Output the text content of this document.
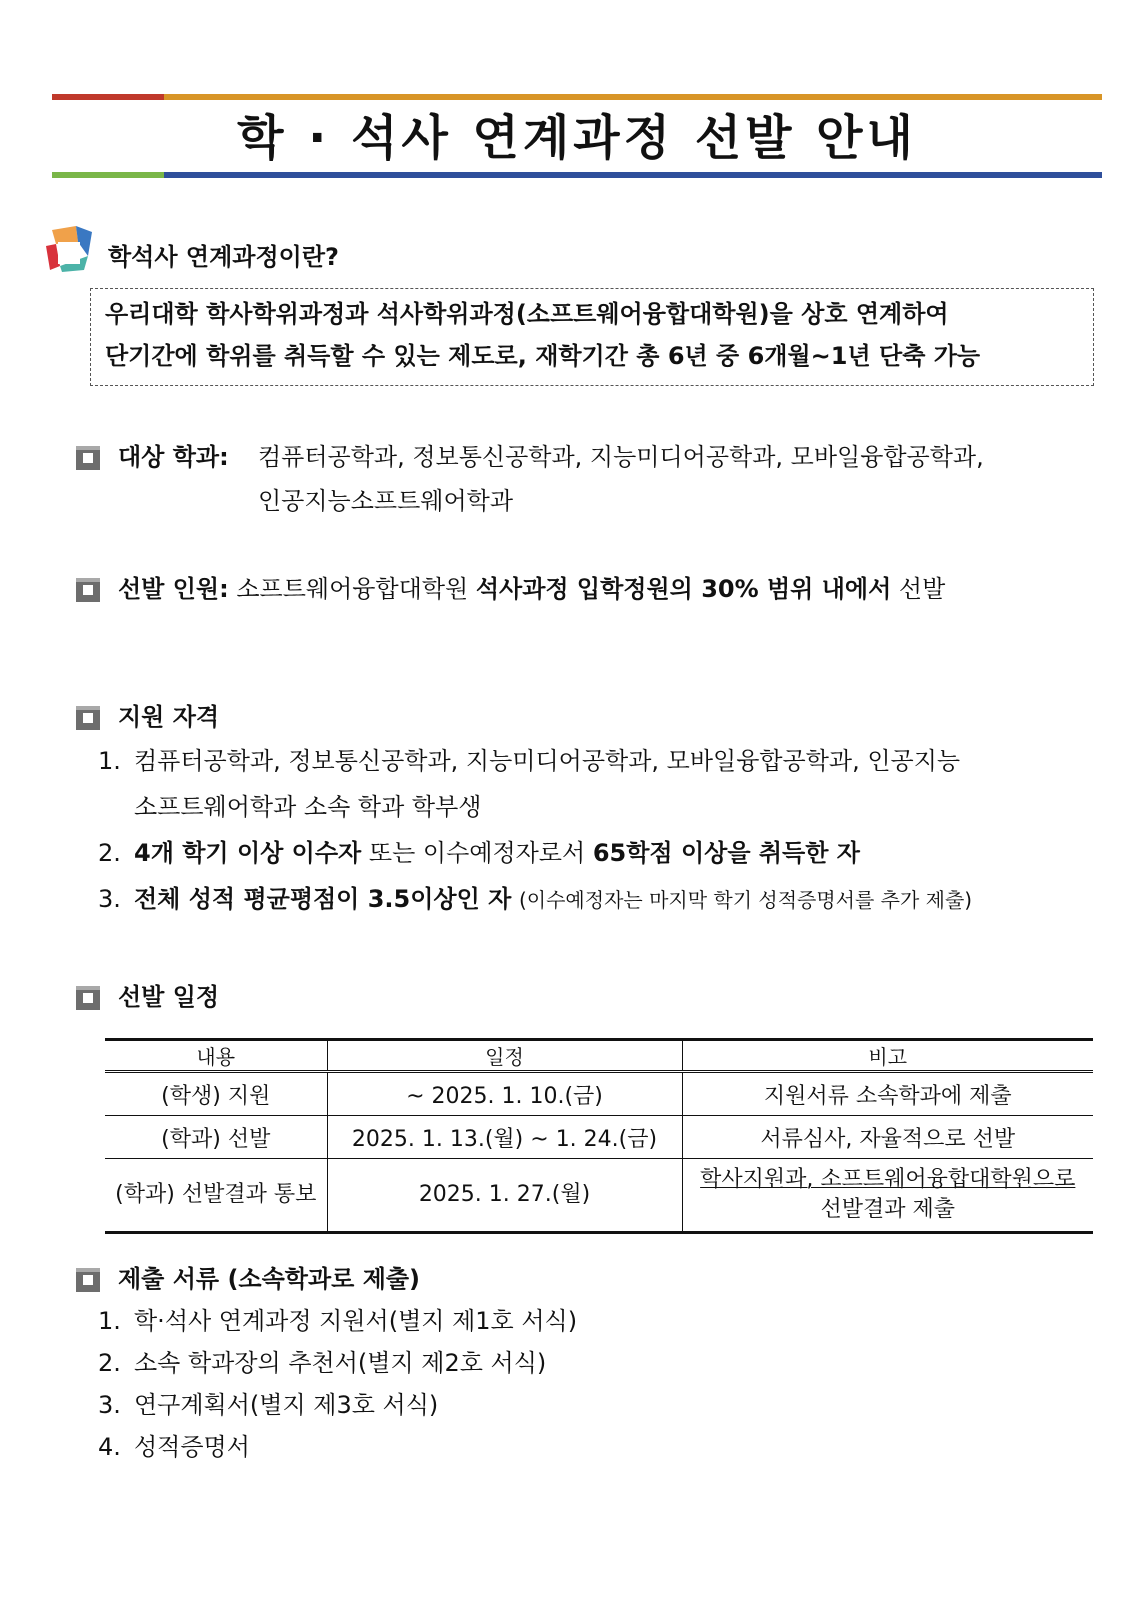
학 · 석사 연계과정 선발 안내
학석사 연계과정이란?
우리대학 학사학위과정과 석사학위과정(소프트웨어융합대학원)을 상호 연계하여
단기간에 학위를 취득할 수 있는 제도로, 재학기간 총 6년 중 6개월~1년 단축 가능
대상 학과: 컴퓨터공학과, 정보통신공학과, 지능미디어공학과, 모바일융합공학과,
인공지능소프트웨어학과
선발 인원: 소프트웨어융합대학원 석사과정 입학정원의 30% 범위 내에서 선발
지원 자격
1. 컴퓨터공학과, 정보통신공학과, 지능미디어공학과, 모바일융합공학과, 인공지능
소프트웨어학과 소속 학과 학부생
2. 4개 학기 이상 이수자 또는 이수예정자로서 65학점 이상을 취득한 자
3. 전체 성적 평균평점이 3.5이상인 자 (이수예정자는 마지막 학기 성적증명서를 추가 제출)
선발 일정
내용	일정	비고
(학생) 지원	~ 2025. 1. 10.(금)	지원서류 소속학과에 제출
(학과) 선발	2025. 1. 13.(월) ~ 1. 24.(금)	서류심사, 자율적으로 선발
(학과) 선발결과 통보	2025. 1. 27.(월)	학사지원과, 소프트웨어융합대학원으로
선발결과 제출
제출 서류 (소속학과로 제출)
1. 학·석사 연계과정 지원서(별지 제1호 서식)
2. 소속 학과장의 추천서(별지 제2호 서식)
3. 연구계획서(별지 제3호 서식)
4. 성적증명서
